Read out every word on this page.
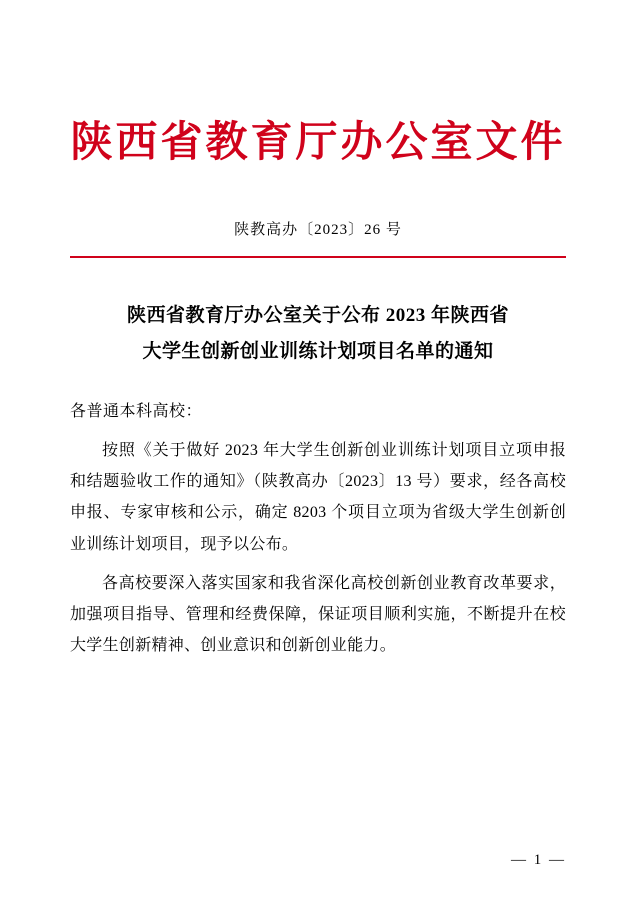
陕西省教育厅办公室文件
陕教高办〔2023〕26 号
陕西省教育厅办公室关于公布 2023 年陕西省
大学生创新创业训练计划项目名单的通知
各普通本科高校：
按照《关于做好 2023 年大学生创新创业训练计划项目立项申报和结题验收工作的通知》（陕教高办〔2023〕13 号）要求，经各高校申报、专家审核和公示，确定 8203 个项目立项为省级大学生创新创业训练计划项目，现予以公布。
各高校要深入落实国家和我省深化高校创新创业教育改革要求，加强项目指导、管理和经费保障，保证项目顺利实施，不断提升在校大学生创新精神、创业意识和创新创业能力。
— 1 —
